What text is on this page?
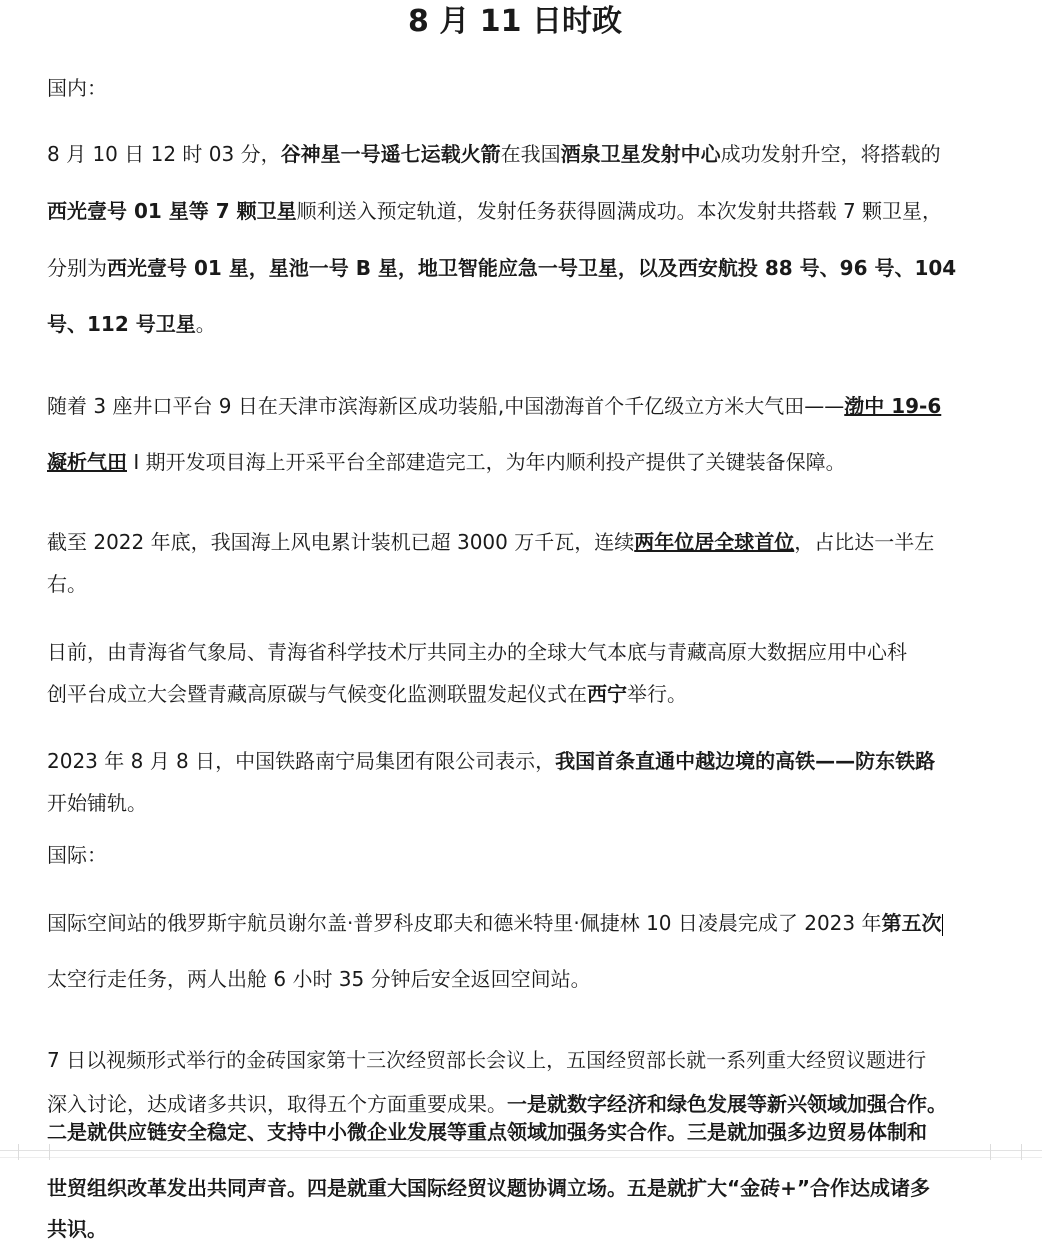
8 月 11 日时政
国内：
8 月 10 日 12 时 03 分，谷神星一号遥七运载火箭在我国酒泉卫星发射中心成功发射升空，将搭载的
西光壹号 01 星等 7 颗卫星顺利送入预定轨道，发射任务获得圆满成功。本次发射共搭载 7 颗卫星，
分别为西光壹号 01 星，星池一号 B 星，地卫智能应急一号卫星，以及西安航投 88 号、96 号、104
号、112 号卫星。
随着 3 座井口平台 9 日在天津市滨海新区成功装船,中国渤海首个千亿级立方米大气田——渤中 19-6
凝析气田 I 期开发项目海上开采平台全部建造完工，为年内顺利投产提供了关键装备保障。
截至 2022 年底，我国海上风电累计装机已超 3000 万千瓦，连续两年位居全球首位，占比达一半左
右。
日前，由青海省气象局、青海省科学技术厅共同主办的全球大气本底与青藏高原大数据应用中心科
创平台成立大会暨青藏高原碳与气候变化监测联盟发起仪式在西宁举行。
2023 年 8 月 8 日，中国铁路南宁局集团有限公司表示，我国首条直通中越边境的高铁——防东铁路
开始铺轨。
国际：
国际空间站的俄罗斯宇航员谢尔盖·普罗科皮耶夫和德米特里·佩捷林 10 日凌晨完成了 2023 年第五次
太空行走任务，两人出舱 6 小时 35 分钟后安全返回空间站。
7 日以视频形式举行的金砖国家第十三次经贸部长会议上，五国经贸部长就一系列重大经贸议题进行
深入讨论，达成诸多共识，取得五个方面重要成果。一是就数字经济和绿色发展等新兴领域加强合作。
二是就供应链安全稳定、支持中小微企业发展等重点领域加强务实合作。三是就加强多边贸易体制和
世贸组织改革发出共同声音。四是就重大国际经贸议题协调立场。五是就扩大“金砖+”合作达成诸多
共识。
